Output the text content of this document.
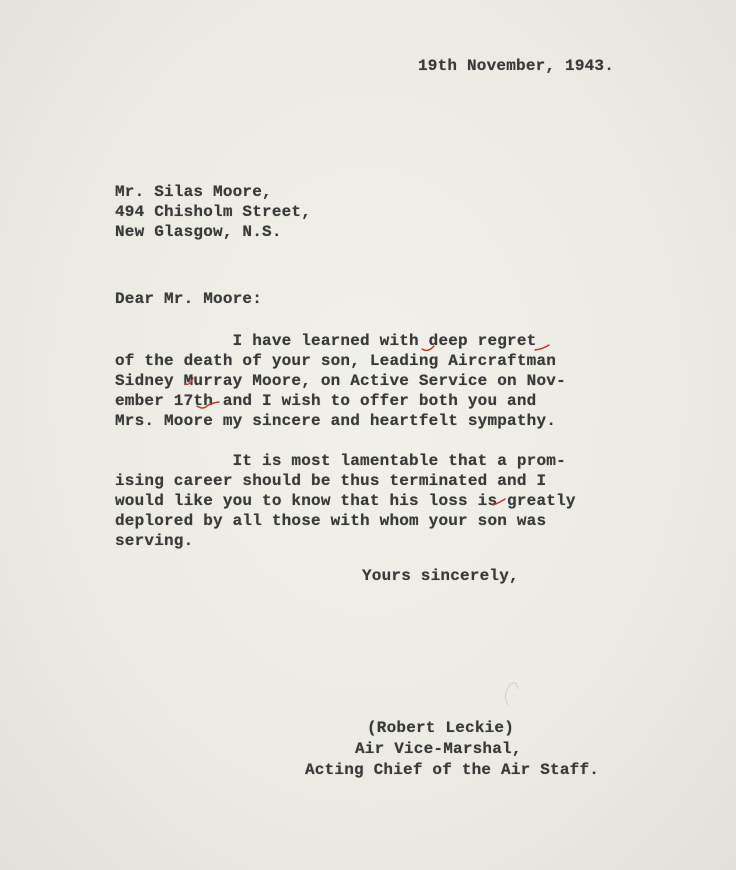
19th November, 1943.
Mr. Silas Moore,
494 Chisholm Street,
New Glasgow, N.S.
Dear Mr. Moore:
I have learned with deep regret
of the death of your son, Leading Aircraftman
Sidney Murray Moore, on Active Service on Nov-
ember 17th and I wish to offer both you and
Mrs. Moore my sincere and heartfelt sympathy.
It is most lamentable that a prom-
ising career should be thus terminated and I
would like you to know that his loss is greatly
deplored by all those with whom your son was
serving.
Yours sincerely,
(Robert Leckie)
Air Vice-Marshal,
Acting Chief of the Air Staff.
